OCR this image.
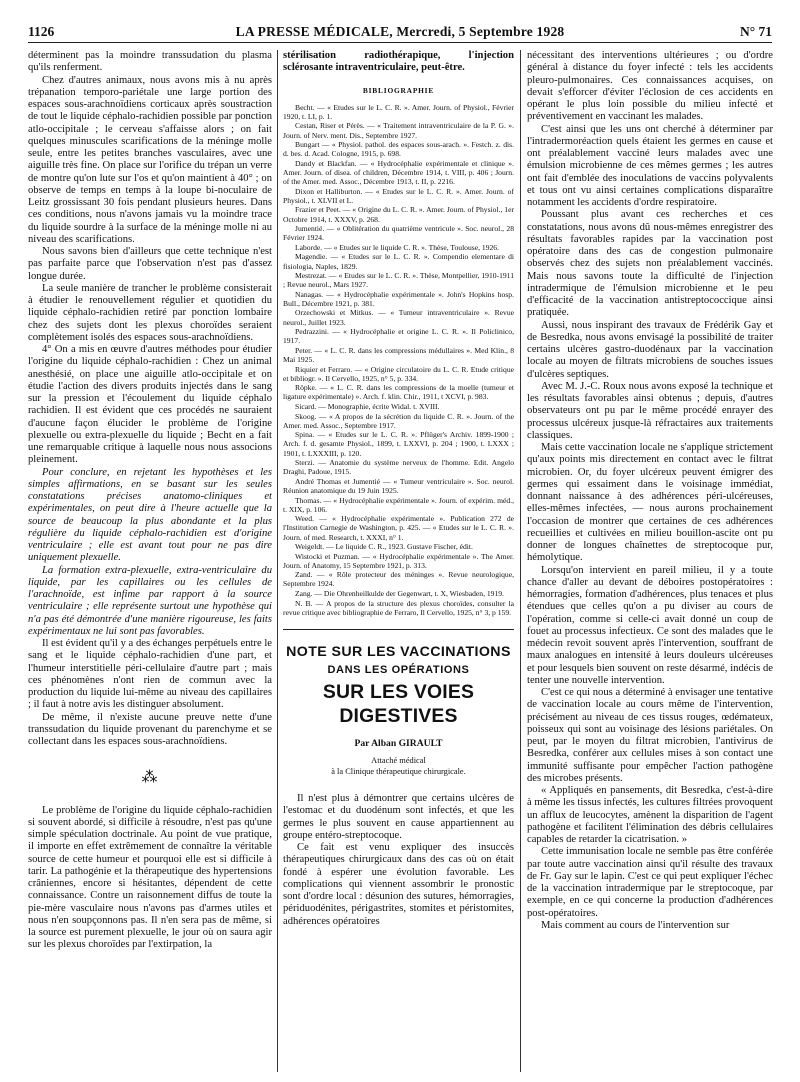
1126	LA PRESSE MÉDICALE, Mercredi, 5 Septembre 1928	N° 71

déterminent pas la moindre transsudation du plasma qu'ils renferment.

Chez d'autres animaux, nous avons mis à nu après trépanation temporo-pariétale une large portion des espaces sous-arachnoïdiens corticaux après soustraction de tout le liquide céphalo-rachidien possible par ponction atlo-occipitale ; le cerveau s'affaisse alors ; on fait quelques minuscules scarifications de la méninge molle seule, entre les petites branches vasculaires, avec une aiguille très fine. On place sur l'orifice du trépan un verre de montre qu'on lute sur l'os et qu'on maintient à 40° ; on observe de temps en temps à la loupe bi-noculaire de Leitz grossissant 30 fois pendant plusieurs heures. Dans ces conditions, nous n'avons jamais vu la moindre trace du liquide sourdre à la surface de la méninge molle ni au niveau des scarifications.

Nous savons bien d'ailleurs que cette technique n'est pas parfaite parce que l'observation n'est pas d'assez longue durée.

La seule manière de trancher le problème consisterait à étudier le renouvellement régulier et quotidien du liquide céphalo-rachidien retiré par ponction lombaire chez des sujets dont les plexus choroïdes seraient complètement isolés des espaces sous-arachnoïdiens.

4° On a mis en œuvre d'autres méthodes pour étudier l'origine du liquide céphalo-rachidien : Chez un animal anesthésié, on place une aiguille atlo-occipitale et on étudie l'action des divers produits injectés dans le sang sur la pression et l'écoulement du liquide céphalo rachidien. Il est évident que ces procédés ne sauraient d'aucune façon élucider le problème de l'origine plexuelle ou extra-plexuelle du liquide ; Becht en a fait une remarquable critique à laquelle nous nous associons pleinement.

Pour conclure, en rejetant les hypothèses et les simples affirmations, en se basant sur les seules constatations précises anatomo-cliniques et expérimentales, on peut dire à l'heure actuelle que la source de beaucoup la plus abondante et la plus régulière du liquide céphalo-rachidien est d'origine ventriculaire ; elle est avant tout pour ne pas dire uniquement plexuelle.

La formation extra-plexuelle, extra-ventriculaire du liquide, par les capillaires ou les cellules de l'arachnoïde, est infime par rapport à la source ventriculaire ; elle représente surtout une hypothèse qui n'a pas été démontrée d'une manière rigoureuse, les faits expérimentaux ne lui sont pas favorables.

Il est évident qu'il y a des échanges perpétuels entre le sang et le liquide céphalo-rachidien d'une part, et l'humeur interstitielle péri-cellulaire d'autre part ; mais ces phénomènes n'ont rien de commun avec la production du liquide lui-même au niveau des capillaires ; il faut à notre avis les distinguer absolument.

De même, il n'existe aucune preuve nette d'une transsudation du liquide provenant du parenchyme et se collectant dans les espaces sous-arachnoïdiens.

⁂

Le problème de l'origine du liquide céphalo-rachidien si souvent abordé, si difficile à résoudre, n'est pas qu'une simple spéculation doctrinale. Au point de vue pratique, il importe en effet extrêmement de connaître la véritable source de cette humeur et pourquoi elle est si difficile à tarir. La pathogénie et la thérapeutique des hypertensions crâniennes, encore si hésitantes, dépendent de cette connaissance. Contre un raisonnement diffus de toute la pie-mère vasculaire nous n'avons pas d'armes utiles et nous n'en soupçonnons pas. Il n'en sera pas de même, si la source est purement plexuelle, le jour où on saura agir sur les plexus choroïdes par l'extirpation, la

stérilisation radiothérapique, l'injection sclérosante intraventriculaire, peut-être.

BIBLIOGRAPHIE

Becht. — « Etudes sur le L. C. R. ». Amer. Journ. of Physiol., Février 1920, t. LI, p. 1.

Cestan, Riser et Pérès. — « Traitement intraventriculaire de la P. G. ». Journ. of Nerv. ment. Dis., Septembre 1927.

Bungart — « Physiol. pathol. des espaces sous-arach. ». Festch. z. dis. d. bes. d. Acad. Cologne, 1915, p. 698.

Dandy et Blackfan. — « Hydrocéphalie expérimentale et clinique ». Amer. Journ. of disea. of children, Décembre 1914, t. VIII, p. 406 ; Journ. of the Amer. med. Assoc., Décembre 1913, t. II, p. 2216.

Dixon et Halliburton. — « Etudes sur le L. C. R. ». Amer. Journ. of Physiol., t. XLVII et L.

Frazier et Peet. — « Origine du L. C. R. ». Amer. Journ. of Physiol., 1er Octobre 1914, t. XXXV, p. 268.

Jumentié. — « Oblitération du quatrième ventricule ». Soc. neurol., 28 Février 1924.

Laborde. — « Etudes sur le liquide C. R. ». Thèse, Toulouse, 1926.

Magendie. — « Etudes sur le L. C. R. ». Compendio elementare di fisiologia, Naples, 1829.

Mestrezat. — « Etudes sur le L. C. R. ». Thèse, Montpellier, 1910-1911 ; Revue neurol., Mars 1927.

Nanagas. — « Hydrocéphalie expérimentale ». John's Hopkins hosp. Bull., Décembre 1921, p. 381.

Orzechowski et Mitkus. — « Tumeur intraventriculaire ». Revue neurol., Juillet 1923.

Pedrazzini. — « Hydrocéphalie et origine L. C. R. ». Il Policlinico, 1917.

Peter. — « L. C. R. dans les compressions médullaires ». Med Klin., 8 Mai 1925.

Riquier et Ferraro. — « Origine circulatoire du L. C. R. Etude critique et bibliogr. ». Il Cervello, 1925, n° 5, p. 334.

Röpke. — « L. C. R. dans les compressions de la moelle (tumeur et ligature expérimentale) ». Arch. f. klin. Chir., 1911, t XCVI, p. 983.

Sicard. — Monographie, écrite Widal. t. XVIII.

Skoog. — « A propos de la sécrétion du liquide C. R. ». Journ. of the Amer. med. Assoc., Septembre 1917.

Spina. — « Etudes sur le L. C. R. ». Pflüger's Archiv. 1899-1900 ; Arch. f. d. gesamte Physiol., 1899, t. LXXVI, p. 204 ; 1900, t. LXXX ; 1901, t. LXXXIII, p. 120.

Sterzi. — Anatomie du système nerveux de l'homme. Edit. Angelo Draghi, Padoue, 1915.

André Thomas et Jumentié — « Tumeur ventriculaire ». Soc. neurol. Réunion anatomique du 19 Juin 1925.

Thomas. — « Hydrocéphalie expérimentale ». Journ. of expérim. méd., t. XIX, p. 106.

Weed. — « Hydrocéphalie expérimentale ». Publication 272 de l'Institution Carnegie de Washington, p. 425. — « Etudes sur le L. C. R. ». Journ. of med. Research, t. XXXI, n° 1.

Weigeldt. — Le liquide C. R., 1923. Gustave Fischer, édit.

Wistocki et Puzman. — « Hydrocéphalie expérimentale ». The Amer. Journ. of Anatomy, 15 Septembre 1921, p. 313.

Zand. — « Rôle protecteur des méninges ». Revue neurologique, Septembre 1924.

Zang. — Die Ohrenheilkulde der Gegenwart, t. X, Wiesbaden, 1919.

N. B. — A propos de la structure des plexus choroïdes, consulter la revue critique avec bibliographie de Ferraro, Il Cervello, 1925, n° 3, p 159.

NOTE SUR LES VACCINATIONS
DANS LES OPÉRATIONS
SUR LES VOIES DIGESTIVES
Par Alban GIRAULT
Attaché médical
à la Clinique thérapeutique chirurgicale.

Il n'est plus à démontrer que certains ulcères de l'estomac et du duodénum sont infectés, et que les germes le plus souvent en cause appartiennent au groupe entéro-streptocoque.

Ce fait est venu expliquer des insuccès thérapeutiques chirurgicaux dans des cas où on était fondé à espérer une évolution favorable. Les complications qui viennent assombrir le pronostic sont d'ordre local : désunion des sutures, hémorragies, périduodénites, périgastrites, stomites et péristomites, adhérences opératoires

nécessitant des interventions ultérieures ; ou d'ordre général à distance du foyer infecté : tels les accidents pleuro-pulmonaires. Ces connaissances acquises, on devait s'efforcer d'éviter l'éclosion de ces accidents en opérant le plus loin possible du milieu infecté et préventivement en vaccinant les malades.

C'est ainsi que les uns ont cherché à déterminer par l'intradermoréaction quels étaient les germes en cause et ont préalablement vacciné leurs malades avec une émulsion microbienne de ces mêmes germes ; les autres ont fait d'emblée des inoculations de vaccins polyvalents et tous ont vu ainsi certaines complications disparaître notamment les accidents d'ordre respiratoire.

Poussant plus avant ces recherches et ces constatations, nous avons dû nous-mêmes enregistrer des résultats favorables rapides par la vaccination post opératoire dans des cas de congestion pulmonaire observés chez des sujets non préalablement vaccinés. Mais nous savons toute la difficulté de l'injection intradermique de l'émulsion microbienne et le peu d'efficacité de la vaccination antistreptococcique ainsi pratiquée.

Aussi, nous inspirant des travaux de Frédérik Gay et de Besredka, nous avons envisagé la possibilité de traiter certains ulcères gastro-duodénaux par la vaccination locale au moyen de filtrats microbiens de souches issues d'ulcères septiques.

Avec M. J.-C. Roux nous avons exposé la technique et les résultats favorables ainsi obtenus ; depuis, d'autres observateurs ont pu par le même procédé enrayer des processus ulcéreux jusque-là réfractaires aux traitements classiques.

Mais cette vaccination locale ne s'applique strictement qu'aux points mis directement en contact avec le filtrat microbien. Or, du foyer ulcéreux peuvent émigrer des germes qui essaiment dans le voisinage immédiat, donnant naissance à des adhérences péri-ulcéreuses, elles-mêmes infectées, — nous aurons prochainement l'occasion de montrer que certaines de ces adhérences recueillies et cultivées en milieu bouillon-ascite ont pu donner de longues chaînettes de streptocoque pur, hémolytique.

Lorsqu'on intervient en pareil milieu, il y a toute chance d'aller au devant de déboires postopératoires : hémorragies, formation d'adhérences, plus tenaces et plus étendues que celles qu'on a pu diviser au cours de l'opération, comme si celle-ci avait donné un coup de fouet au processus infectieux. Ce sont des malades que le médecin revoit souvent après l'intervention, souffrant de maux analogues en intensité à leurs douleurs ulcéreuses et pour lesquels bien souvent on reste désarmé, indécis de tenter une nouvelle intervention.

C'est ce qui nous a déterminé à envisager une tentative de vaccination locale au cours même de l'intervention, précisément au niveau de ces tissus rouges, œdémateux, poisseux qui sont au voisinage des lésions pariétales. On peut, par le moyen du filtrat microbien, l'antivirus de Besredka, conférer aux cellules mises à son contact une immunité suffisante pour empêcher l'action pathogène des microbes présents.

« Appliqués en pansements, dit Besredka, c'est-à-dire à même les tissus infectés, les cultures filtrées provoquent un afflux de leucocytes, amènent la disparition de l'agent pathogène et facilitent l'élimination des débris cellulaires capables de retarder la cicatrisation. »

Cette immunisation locale ne semble pas être conférée par toute autre vaccination ainsi qu'il résulte des travaux de Fr. Gay sur le lapin. C'est ce qui peut expliquer l'échec de la vaccination intradermique par le streptocoque, par exemple, en ce qui concerne la production d'adhérences post-opératoires.

Mais comment au cours de l'intervention sur
